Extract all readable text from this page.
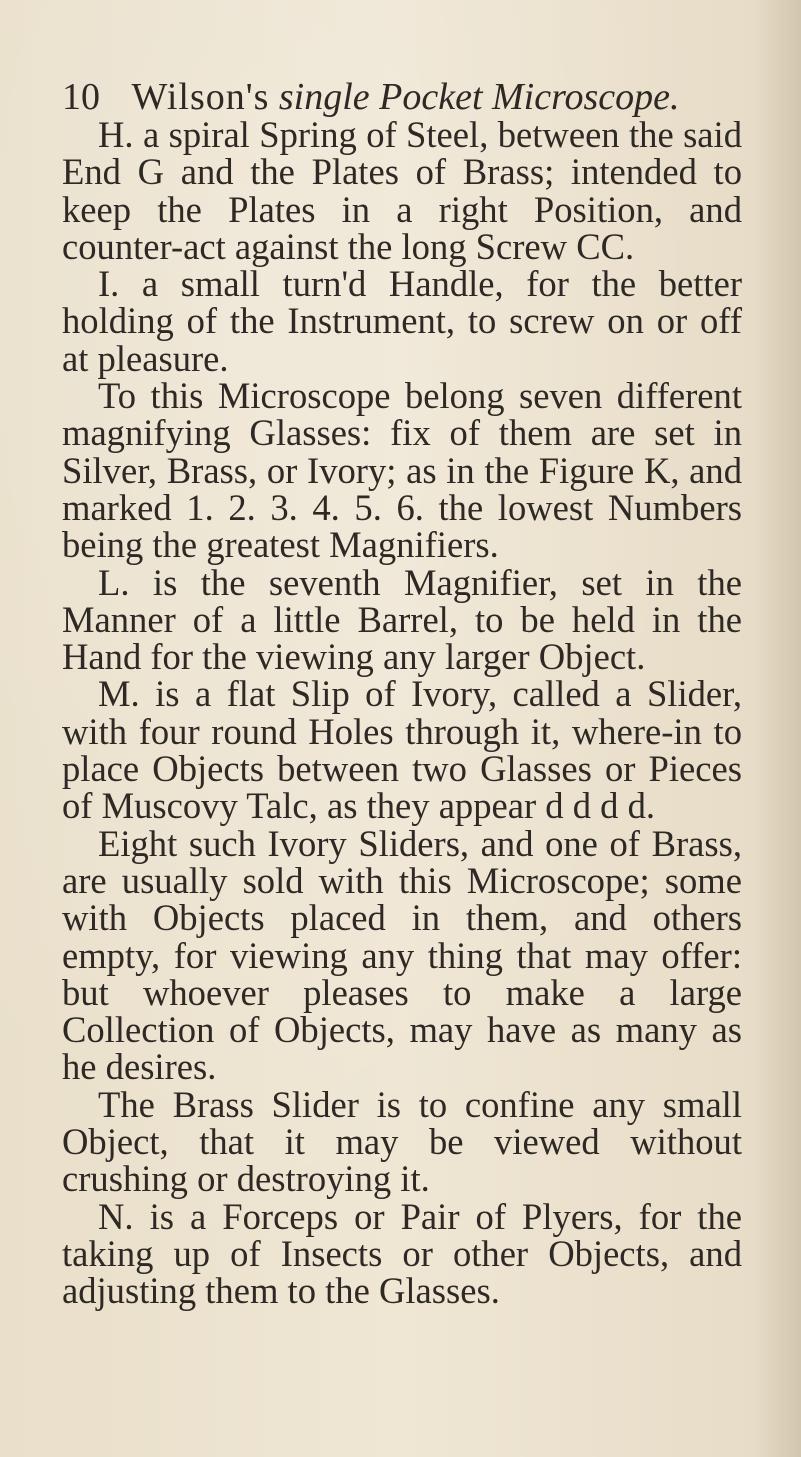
10 Wilson's single Pocket Microscope.

H. a spiral Spring of Steel, between the said End G and the Plates of Brass; intended to keep the Plates in a right Position, and counter-act against the long Screw CC.

I. a small turn'd Handle, for the better holding of the Instrument, to screw on or off at pleasure.

To this Microscope belong seven different magnifying Glasses: fix of them are set in Silver, Brass, or Ivory; as in the Figure K, and marked 1. 2. 3. 4. 5. 6. the lowest Numbers being the greatest Magnifiers.

L. is the seventh Magnifier, set in the Manner of a little Barrel, to be held in the Hand for the viewing any larger Object.

M. is a flat Slip of Ivory, called a Slider, with four round Holes through it, where-in to place Objects between two Glasses or Pieces of Muscovy Talc, as they appear d d d d.

Eight such Ivory Sliders, and one of Brass, are usually sold with this Microscope; some with Objects placed in them, and others empty, for viewing any thing that may offer: but whoever pleases to make a large Collection of Objects, may have as many as he desires.

The Brass Slider is to confine any small Object, that it may be viewed without crushing or destroying it.

N. is a Forceps or Pair of Plyers, for the taking up of Insects or other Objects, and adjusting them to the Glasses.
